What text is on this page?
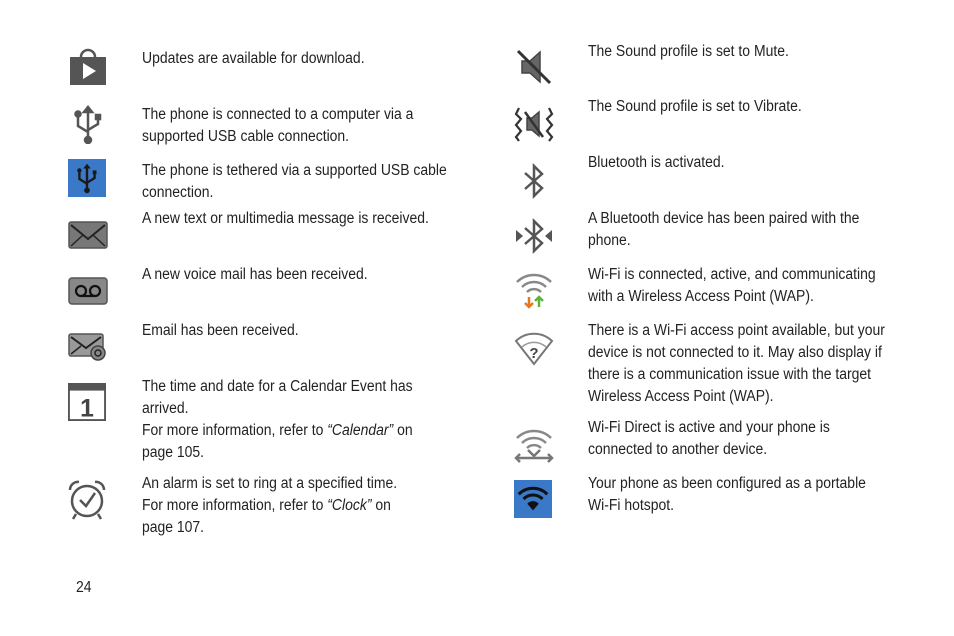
Updates are available for download.
The phone is connected to a computer via a
supported USB cable connection.
The phone is tethered via a supported USB cable
connection.
A new text or multimedia message is received.
A new voice mail has been received.
Email has been received.
1
The time and date for a Calendar Event has
arrived.
For more information, refer to “Calendar” on
page 105.
An alarm is set to ring at a specified time.
For more information, refer to “Clock” on
page 107.
The Sound profile is set to Mute.
The Sound profile is set to Vibrate.
Bluetooth is activated.
A Bluetooth device has been paired with the
phone.
Wi-Fi is connected, active, and communicating
with a Wireless Access Point (WAP).
?
There is a Wi-Fi access point available, but your
device is not connected to it. May also display if
there is a communication issue with the target
Wireless Access Point (WAP).
Wi-Fi Direct is active and your phone is
connected to another device.
Your phone as been configured as a portable
Wi-Fi hotspot.
24
